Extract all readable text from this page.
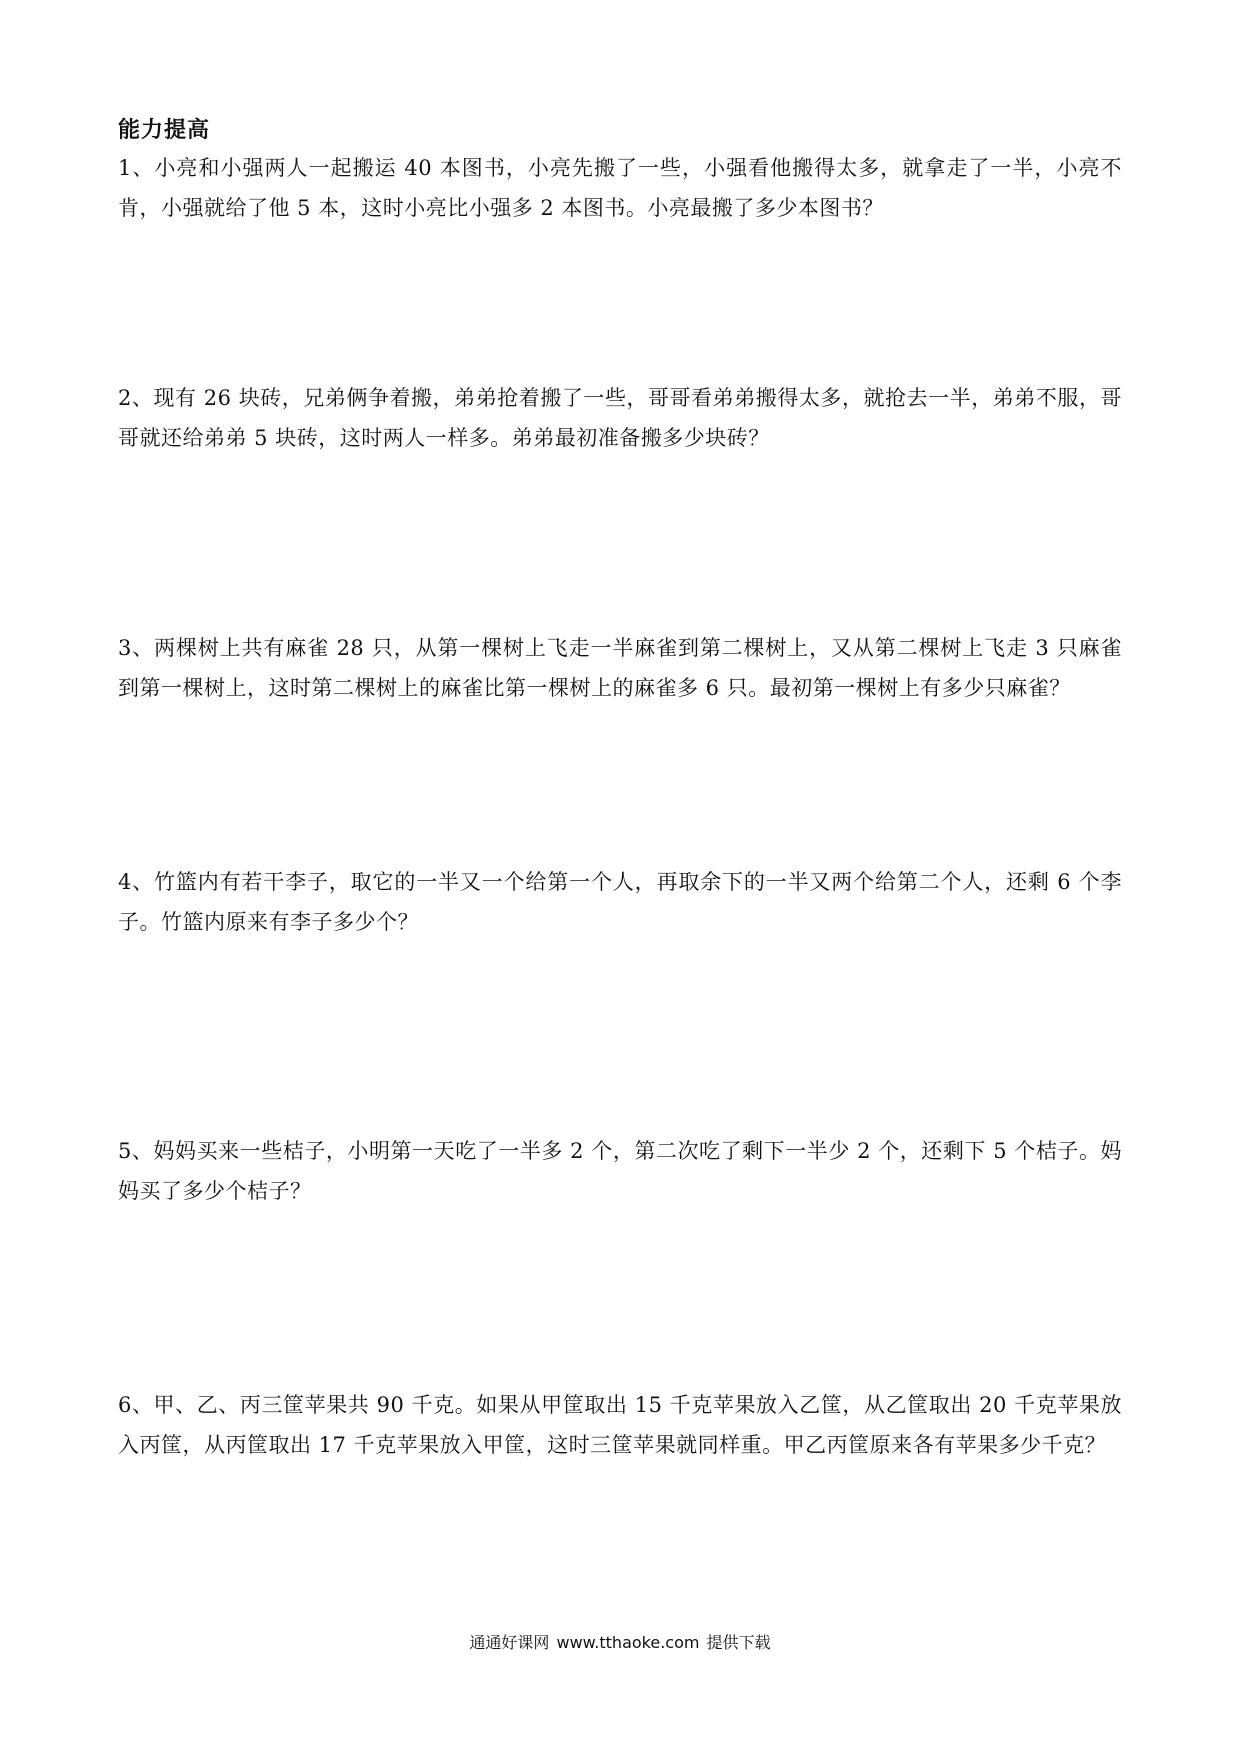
能力提高
1、小亮和小强两人一起搬运 40 本图书，小亮先搬了一些，小强看他搬得太多，就拿走了一半，小亮不肯，小强就给了他 5 本，这时小亮比小强多 2 本图书。小亮最搬了多少本图书？
2、现有 26 块砖，兄弟俩争着搬，弟弟抢着搬了一些，哥哥看弟弟搬得太多，就抢去一半，弟弟不服，哥哥就还给弟弟 5 块砖，这时两人一样多。弟弟最初准备搬多少块砖？
3、两棵树上共有麻雀 28 只，从第一棵树上飞走一半麻雀到第二棵树上，又从第二棵树上飞走 3 只麻雀到第一棵树上，这时第二棵树上的麻雀比第一棵树上的麻雀多 6 只。最初第一棵树上有多少只麻雀？
4、竹篮内有若干李子，取它的一半又一个给第一个人，再取余下的一半又两个给第二个人，还剩 6 个李子。竹篮内原来有李子多少个？
5、妈妈买来一些桔子，小明第一天吃了一半多 2 个，第二次吃了剩下一半少 2 个，还剩下 5 个桔子。妈妈买了多少个桔子？
6、甲、乙、丙三筐苹果共 90 千克。如果从甲筐取出 15 千克苹果放入乙筐，从乙筐取出 20 千克苹果放入丙筐，从丙筐取出 17 千克苹果放入甲筐，这时三筐苹果就同样重。甲乙丙筐原来各有苹果多少千克？
通通好课网 www.tthaoke.com 提供下载
